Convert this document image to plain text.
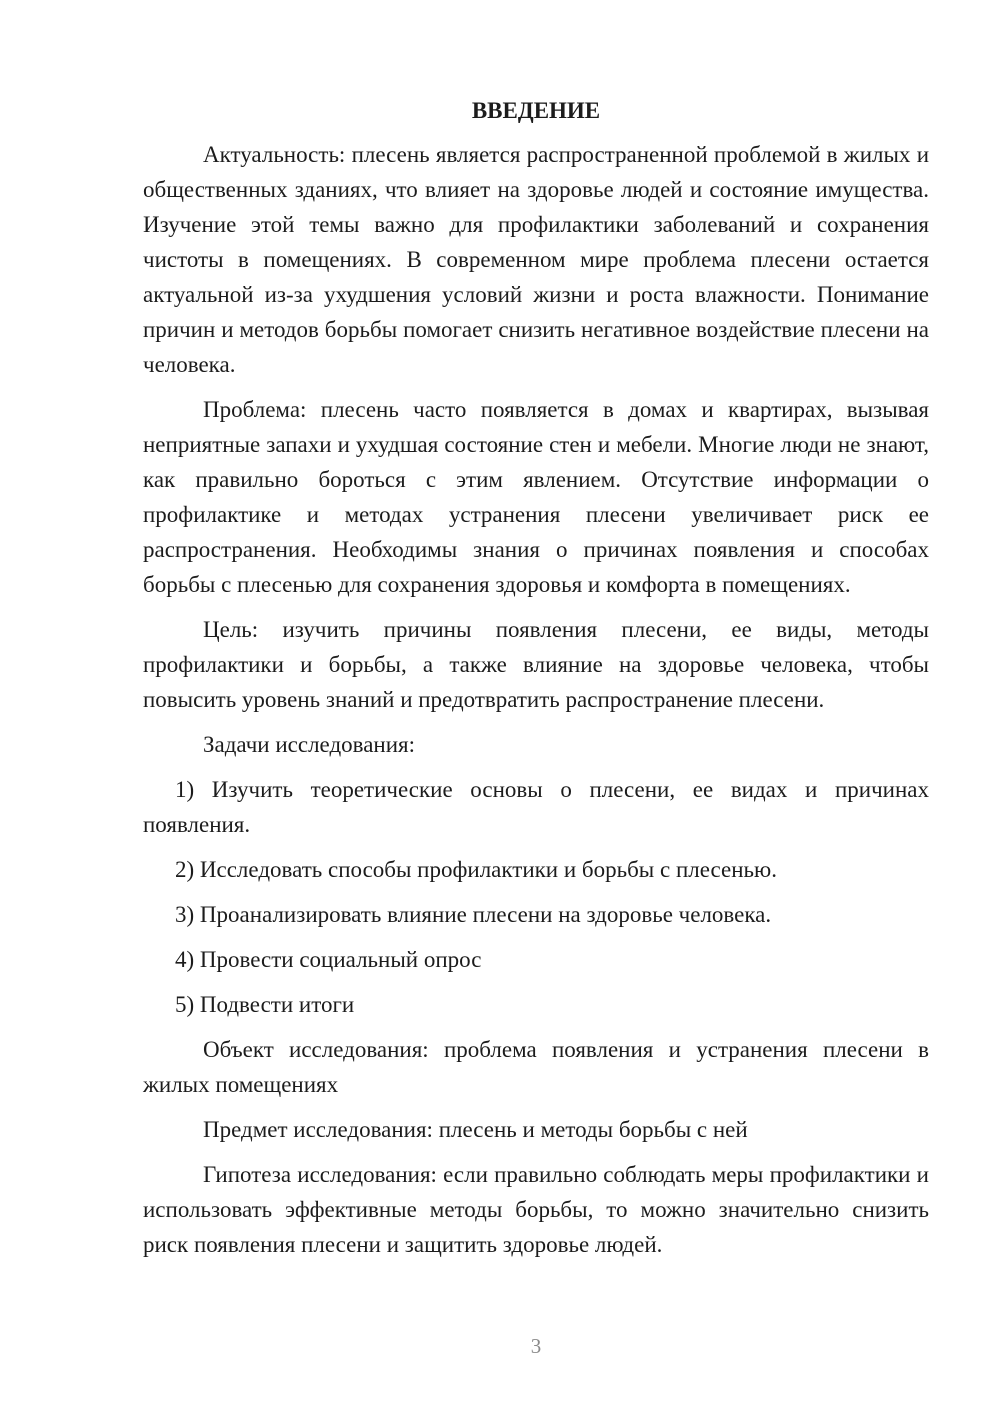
ВВЕДЕНИЕ

Актуальность: плесень является распространенной проблемой в жилых и общественных зданиях, что влияет на здоровье людей и состояние имущества. Изучение этой темы важно для профилактики заболеваний и сохранения чистоты в помещениях. В современном мире проблема плесени остается актуальной из-за ухудшения условий жизни и роста влажности. Понимание причин и методов борьбы помогает снизить негативное воздействие плесени на человека.

Проблема: плесень часто появляется в домах и квартирах, вызывая неприятные запахи и ухудшая состояние стен и мебели. Многие люди не знают, как правильно бороться с этим явлением. Отсутствие информации о профилактике и методах устранения плесени увеличивает риск ее распространения. Необходимы знания о причинах появления и способах борьбы с плесенью для сохранения здоровья и комфорта в помещениях.

Цель: изучить причины появления плесени, ее виды, методы профилактики и борьбы, а также влияние на здоровье человека, чтобы повысить уровень знаний и предотвратить распространение плесени.

Задачи исследования:

1) Изучить теоретические основы о плесени, ее видах и причинах появления.

2) Исследовать способы профилактики и борьбы с плесенью.

3) Проанализировать влияние плесени на здоровье человека.

4) Провести социальный опрос

5) Подвести итоги

Объект исследования: проблема появления и устранения плесени в жилых помещениях

Предмет исследования: плесень и методы борьбы с ней

Гипотеза исследования: если правильно соблюдать меры профилактики и использовать эффективные методы борьбы, то можно значительно снизить риск появления плесени и защитить здоровье людей.

3
